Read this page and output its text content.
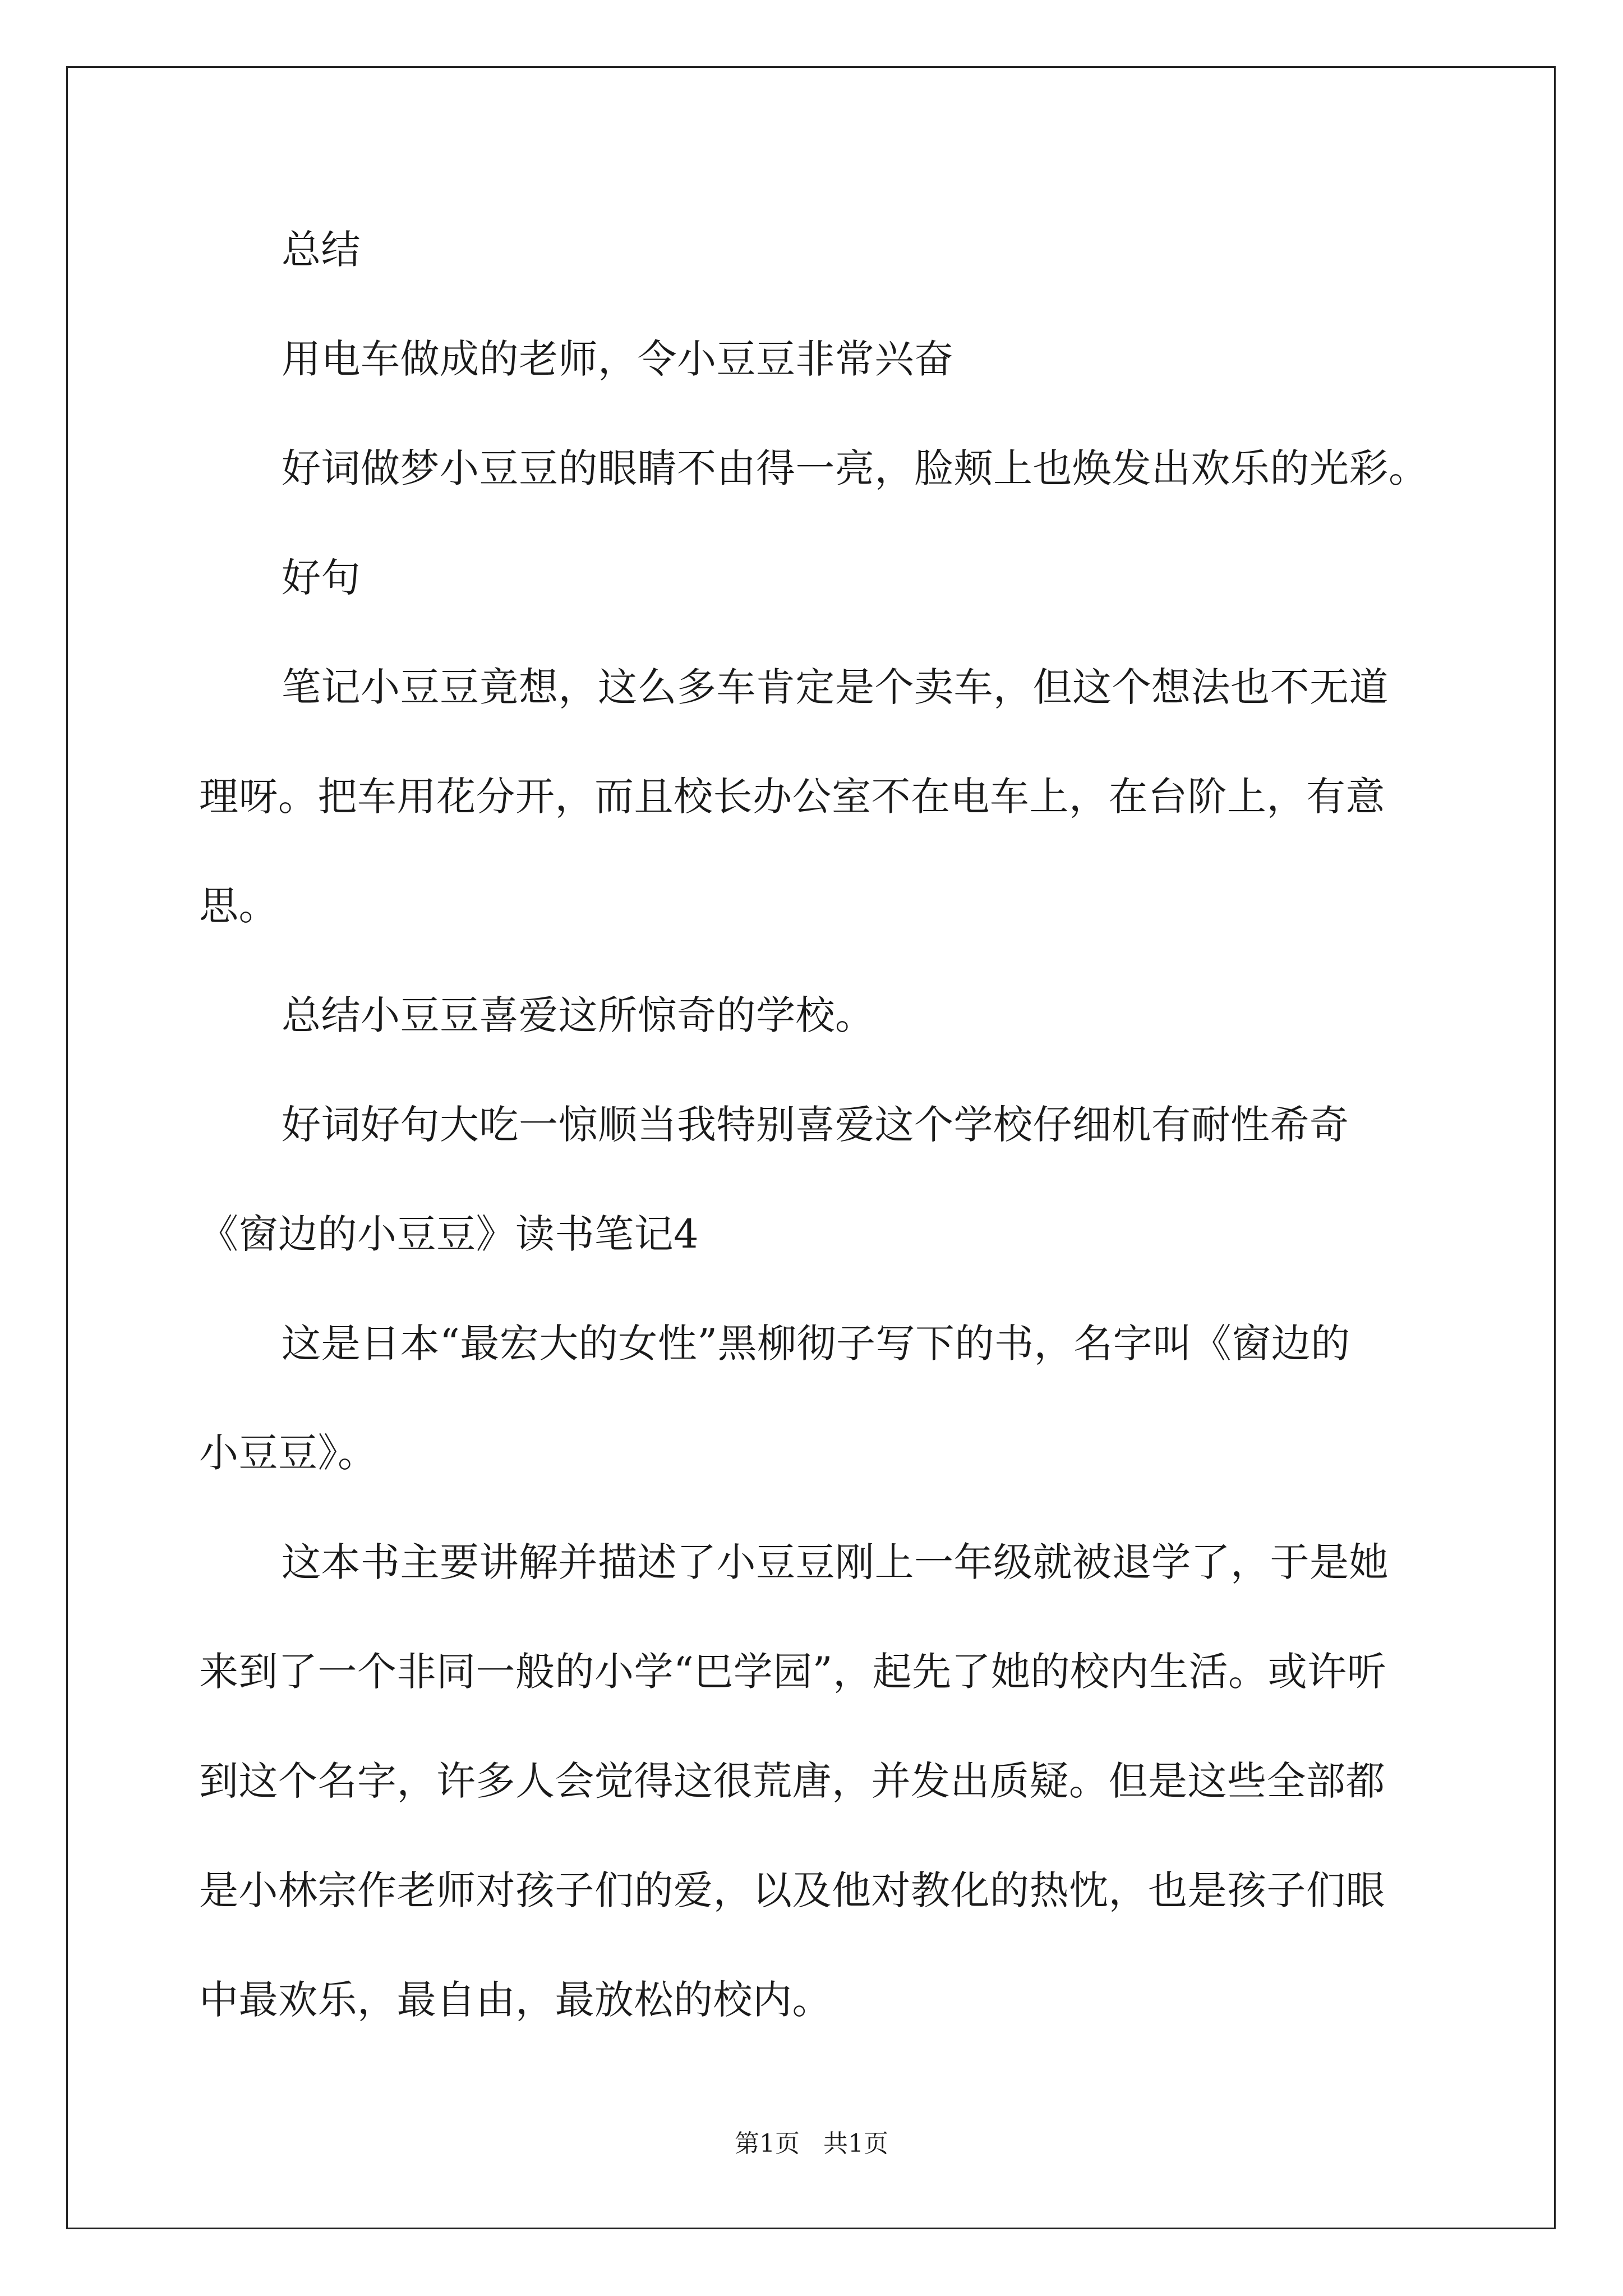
总结
用电车做成的老师，令小豆豆非常兴奋
好词做梦小豆豆的眼睛不由得一亮，脸颊上也焕发出欢乐的光彩。
好句
笔记小豆豆竟想，这么多车肯定是个卖车，但这个想法也不无道
理呀。把车用花分开，而且校长办公室不在电车上，在台阶上，有意
思。
总结小豆豆喜爱这所惊奇的学校。
好词好句大吃一惊顺当我特别喜爱这个学校仔细机有耐性希奇
《窗边的小豆豆》读书笔记4
这是日本“最宏大的女性”黑柳彻子写下的书，名字叫《窗边的
小豆豆》。
这本书主要讲解并描述了小豆豆刚上一年级就被退学了，于是她
来到了一个非同一般的小学“巴学园”，起先了她的校内生活。或许听
到这个名字，许多人会觉得这很荒唐，并发出质疑。但是这些全部都
是小林宗作老师对孩子们的爱，以及他对教化的热忱，也是孩子们眼
中最欢乐，最自由，最放松的校内。
第1页   共1页
